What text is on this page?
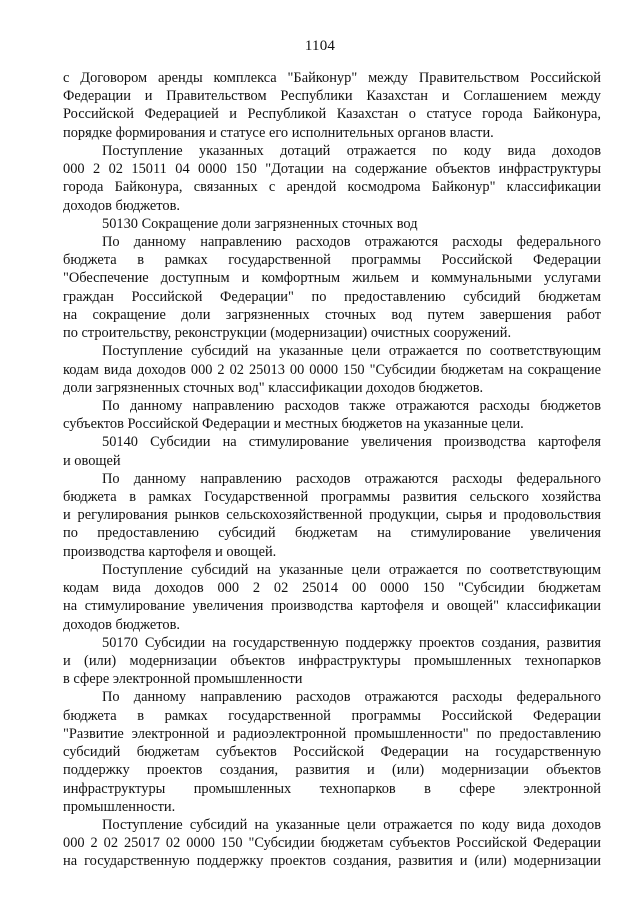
1104
с Договором аренды комплекса "Байконур" между Правительством Российской
Федерации и Правительством Республики Казахстан и Соглашением между
Российской Федерацией и Республикой Казахстан о статусе города Байконура,
порядке формирования и статусе его исполнительных органов власти.
Поступление указанных дотаций отражается по коду вида доходов
000 2 02 15011 04 0000 150 "Дотации на содержание объектов инфраструктуры
города Байконура, связанных с арендой космодрома Байконур" классификации
доходов бюджетов.
50130 Сокращение доли загрязненных сточных вод
По данному направлению расходов отражаются расходы федерального
бюджета в рамках государственной программы Российской Федерации
"Обеспечение доступным и комфортным жильем и коммунальными услугами
граждан Российской Федерации" по предоставлению субсидий бюджетам
на сокращение доли загрязненных сточных вод путем завершения работ
по строительству, реконструкции (модернизации) очистных сооружений.
Поступление субсидий на указанные цели отражается по соответствующим
кодам вида доходов 000 2 02 25013 00 0000 150 "Субсидии бюджетам на сокращение
доли загрязненных сточных вод" классификации доходов бюджетов.
По данному направлению расходов также отражаются расходы бюджетов
субъектов Российской Федерации и местных бюджетов на указанные цели.
50140 Субсидии на стимулирование увеличения производства картофеля
и овощей
По данному направлению расходов отражаются расходы федерального
бюджета в рамках Государственной программы развития сельского хозяйства
и регулирования рынков сельскохозяйственной продукции, сырья и продовольствия
по предоставлению субсидий бюджетам на стимулирование увеличения
производства картофеля и овощей.
Поступление субсидий на указанные цели отражается по соответствующим
кодам вида доходов 000 2 02 25014 00 0000 150 "Субсидии бюджетам
на стимулирование увеличения производства картофеля и овощей" классификации
доходов бюджетов.
50170 Субсидии на государственную поддержку проектов создания, развития
и (или) модернизации объектов инфраструктуры промышленных технопарков
в сфере электронной промышленности
По данному направлению расходов отражаются расходы федерального
бюджета в рамках государственной программы Российской Федерации
"Развитие электронной и радиоэлектронной промышленности" по предоставлению
субсидий бюджетам субъектов Российской Федерации на государственную
поддержку проектов создания, развития и (или) модернизации объектов
инфраструктуры промышленных технопарков в сфере электронной
промышленности.
Поступление субсидий на указанные цели отражается по коду вида доходов
000 2 02 25017 02 0000 150 "Субсидии бюджетам субъектов Российской Федерации
на государственную поддержку проектов создания, развития и (или) модернизации
